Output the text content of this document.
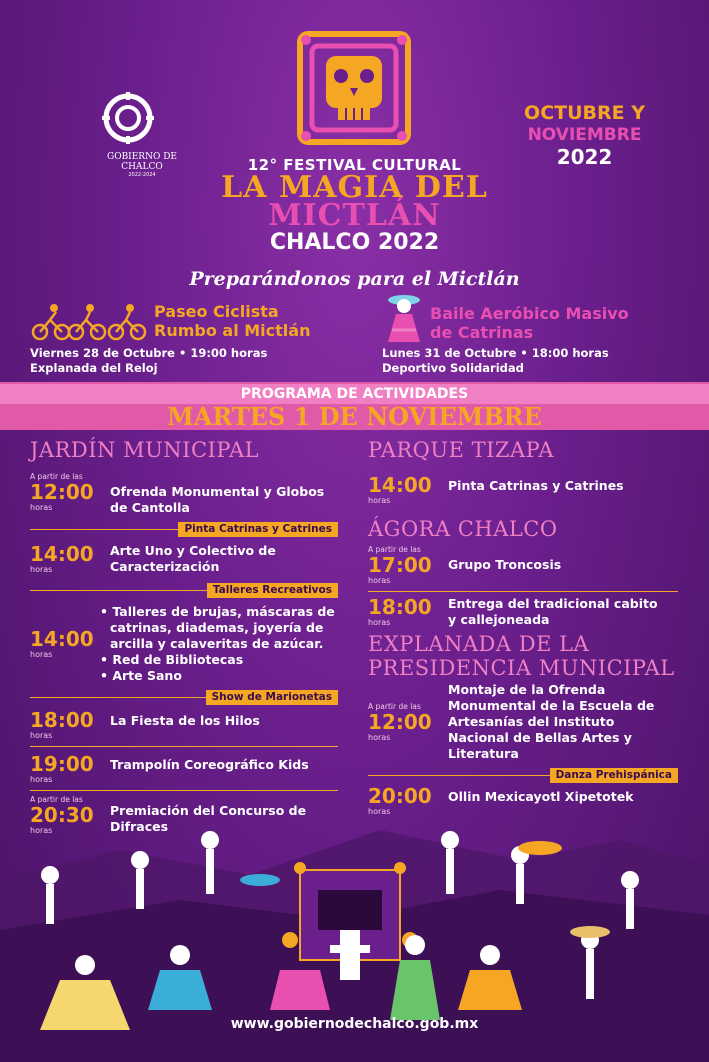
GOBIERNO DE CHALCO
2022-2024
OCTUBRE Y
NOVIEMBRE
2022
12° FESTIVAL CULTURAL
LA MAGIA DEL
MICTLÁN
CHALCO 2022
Preparándonos para el Mictlán
Paseo Ciclista
Rumbo al Mictlán
Viernes 28 de Octubre • 19:00 horas
Explanada del Reloj
Baile Aeróbico Masivo
de Catrinas
Lunes 31 de Octubre • 18:00 horas
Deportivo Solidaridad
PROGRAMA DE ACTIVIDADES
MARTES 1 DE NOVIEMBRE
JARDÍN MUNICIPAL
A partir de las
12:00
horas
Ofrenda Monumental y Globos
de Cantolla
Pinta Catrinas y Catrines
14:00
horas
Arte Uno y Colectivo de
Caracterización
Talleres Recreativos
14:00
horas
• Talleres de brujas, máscaras de
catrinas, diademas, joyería de
arcilla y calaveritas de azúcar.
• Red de Bibliotecas
• Arte Sano
Show de Marionetas
18:00
horas
La Fiesta de los Hilos
19:00
horas
Trampolín Coreográfico Kids
A partir de las
20:30
horas
Premiación del Concurso de
Difraces
PARQUE TIZAPA
14:00
horas
Pinta Catrinas y Catrines
ÁGORA CHALCO
A partir de las
17:00
horas
Grupo Troncosis
18:00
horas
Entrega del tradicional cabito
y callejoneada
EXPLANADA DE LA
PRESIDENCIA MUNICIPAL
A partir de las
12:00
horas
Montaje de la Ofrenda
Monumental de la Escuela de
Artesanías del Instituto
Nacional de Bellas Artes y
Literatura
Danza Prehispánica
20:00
horas
Ollin Mexicayotl Xipetotek
www.gobiernodechalco.gob.mx
